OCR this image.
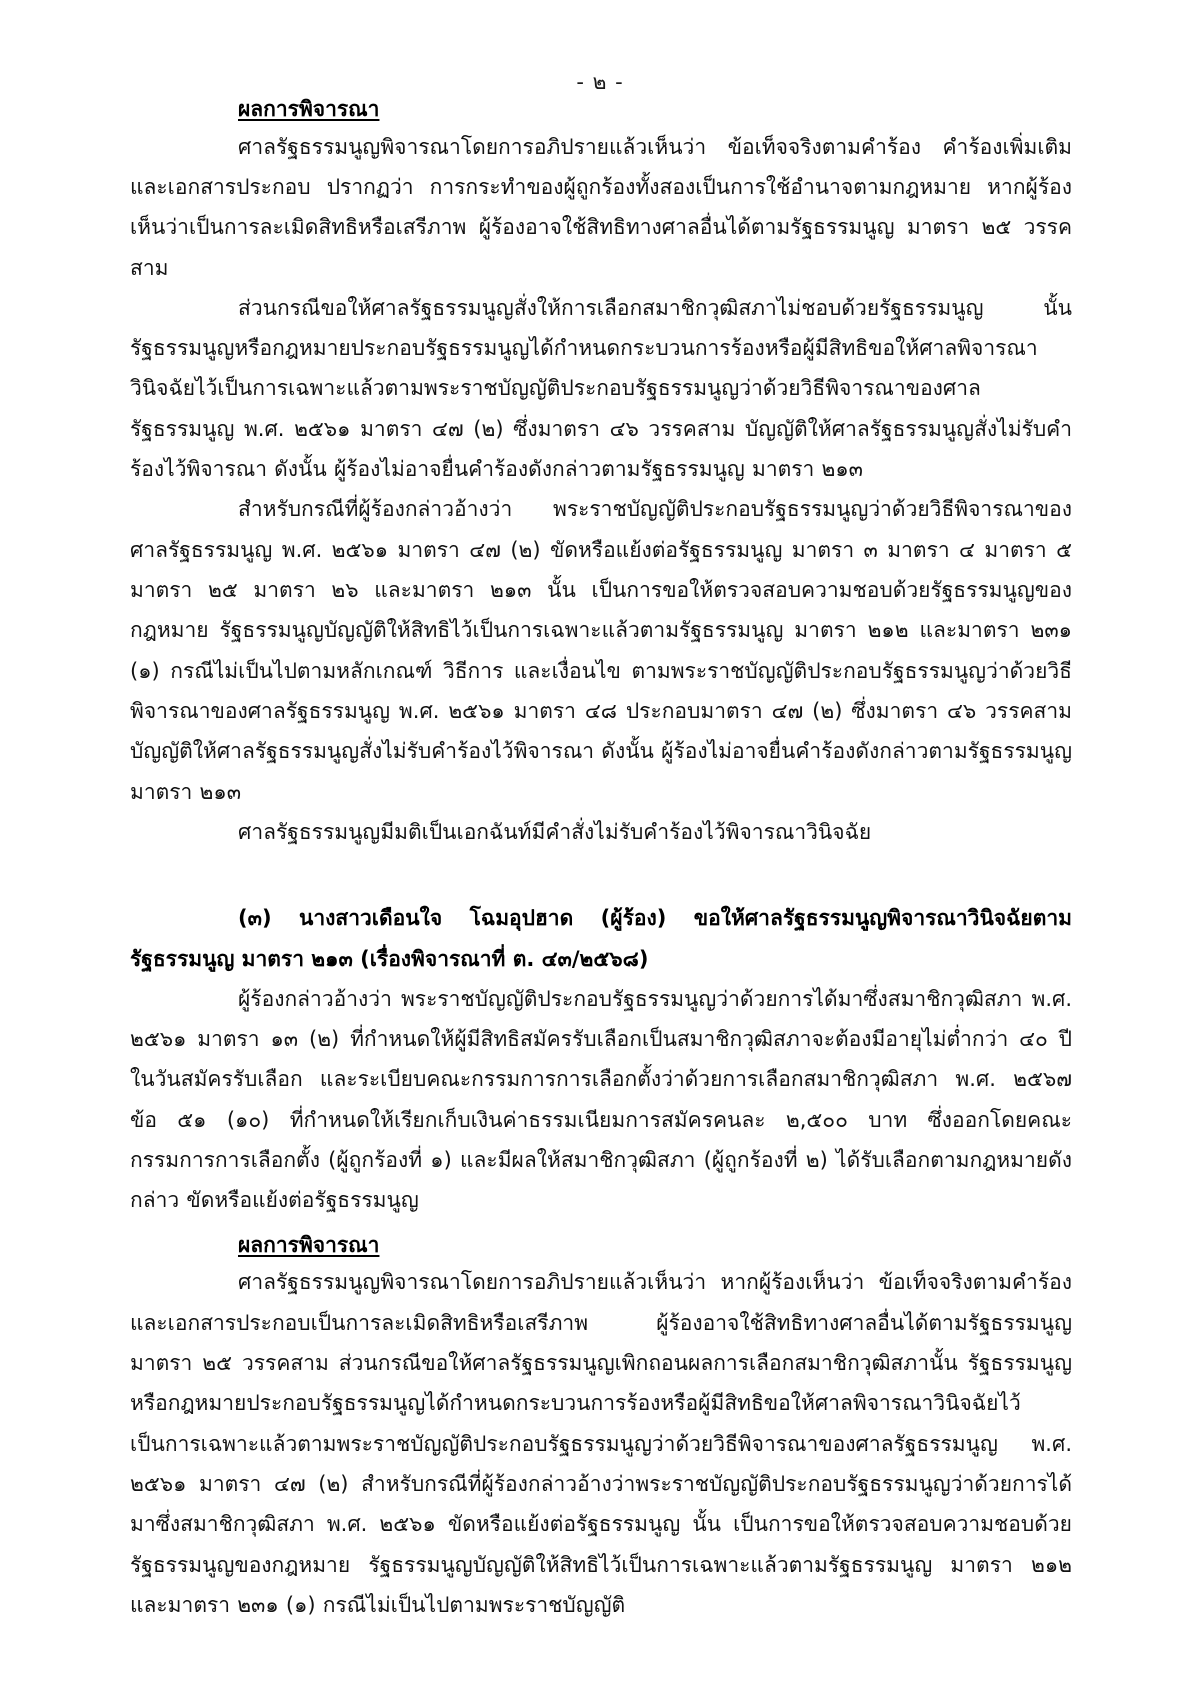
- ๒ -
ผลการพิจารณา

ศาลรัฐธรรมนูญพิจารณาโดยการอภิปรายแล้วเห็นว่า ข้อเท็จจริงตามคำร้อง คำร้องเพิ่มเติมและเอกสารประกอบ ปรากฏว่า การกระทำของผู้ถูกร้องทั้งสองเป็นการใช้อำนาจตามกฎหมาย หากผู้ร้องเห็นว่าเป็นการละเมิดสิทธิหรือเสรีภาพ ผู้ร้องอาจใช้สิทธิทางศาลอื่นได้ตามรัฐธรรมนูญ มาตรา ๒๕ วรรคสาม

ส่วนกรณีขอให้ศาลรัฐธรรมนูญสั่งให้การเลือกสมาชิกวุฒิสภาไม่ชอบด้วยรัฐธรรมนูญ นั้น รัฐธรรมนูญหรือกฎหมายประกอบรัฐธรรมนูญได้กำหนดกระบวนการร้องหรือผู้มีสิทธิขอให้ศาลพิจารณาวินิจฉัยไว้เป็นการเฉพาะแล้วตามพระราชบัญญัติประกอบรัฐธรรมนูญว่าด้วยวิธีพิจารณาของศาลรัฐธรรมนูญ พ.ศ. ๒๕๖๑ มาตรา ๔๗ (๒) ซึ่งมาตรา ๔๖ วรรคสาม บัญญัติให้ศาลรัฐธรรมนูญสั่งไม่รับคำร้องไว้พิจารณา ดังนั้น ผู้ร้องไม่อาจยื่นคำร้องดังกล่าวตามรัฐธรรมนูญ มาตรา ๒๑๓

สำหรับกรณีที่ผู้ร้องกล่าวอ้างว่า พระราชบัญญัติประกอบรัฐธรรมนูญว่าด้วยวิธีพิจารณาของศาลรัฐธรรมนูญ พ.ศ. ๒๕๖๑ มาตรา ๔๗ (๒) ขัดหรือแย้งต่อรัฐธรรมนูญ มาตรา ๓ มาตรา ๔ มาตรา ๕ มาตรา ๒๕ มาตรา ๒๖ และมาตรา ๒๑๓ นั้น เป็นการขอให้ตรวจสอบความชอบด้วยรัฐธรรมนูญของกฎหมาย รัฐธรรมนูญบัญญัติให้สิทธิไว้เป็นการเฉพาะแล้วตามรัฐธรรมนูญ มาตรา ๒๑๒ และมาตรา ๒๓๑ (๑) กรณีไม่เป็นไปตามหลักเกณฑ์ วิธีการ และเงื่อนไข ตามพระราชบัญญัติประกอบรัฐธรรมนูญว่าด้วยวิธีพิจารณาของศาลรัฐธรรมนูญ พ.ศ. ๒๕๖๑ มาตรา ๔๘ ประกอบมาตรา ๔๗ (๒) ซึ่งมาตรา ๔๖ วรรคสาม บัญญัติให้ศาลรัฐธรรมนูญสั่งไม่รับคำร้องไว้พิจารณา ดังนั้น ผู้ร้องไม่อาจยื่นคำร้องดังกล่าวตามรัฐธรรมนูญ มาตรา ๒๑๓

ศาลรัฐธรรมนูญมีมติเป็นเอกฉันท์มีคำสั่งไม่รับคำร้องไว้พิจารณาวินิจฉัย

(๓) นางสาวเดือนใจ โฉมอุปฮาด (ผู้ร้อง) ขอให้ศาลรัฐธรรมนูญพิจารณาวินิจฉัยตามรัฐธรรมนูญ มาตรา ๒๑๓ (เรื่องพิจารณาที่ ต. ๔๓/๒๕๖๘)

ผู้ร้องกล่าวอ้างว่า พระราชบัญญัติประกอบรัฐธรรมนูญว่าด้วยการได้มาซึ่งสมาชิกวุฒิสภา พ.ศ. ๒๕๖๑ มาตรา ๑๓ (๒) ที่กำหนดให้ผู้มีสิทธิสมัครรับเลือกเป็นสมาชิกวุฒิสภาจะต้องมีอายุไม่ต่ำกว่า ๔๐ ปี ในวันสมัครรับเลือก และระเบียบคณะกรรมการการเลือกตั้งว่าด้วยการเลือกสมาชิกวุฒิสภา พ.ศ. ๒๕๖๗ ข้อ ๕๑ (๑๐) ที่กำหนดให้เรียกเก็บเงินค่าธรรมเนียมการสมัครคนละ ๒,๕๐๐ บาท ซึ่งออกโดยคณะกรรมการการเลือกตั้ง (ผู้ถูกร้องที่ ๑) และมีผลให้สมาชิกวุฒิสภา (ผู้ถูกร้องที่ ๒) ได้รับเลือกตามกฎหมายดังกล่าว ขัดหรือแย้งต่อรัฐธรรมนูญ

ผลการพิจารณา

ศาลรัฐธรรมนูญพิจารณาโดยการอภิปรายแล้วเห็นว่า หากผู้ร้องเห็นว่า ข้อเท็จจริงตามคำร้องและเอกสารประกอบเป็นการละเมิดสิทธิหรือเสรีภาพ ผู้ร้องอาจใช้สิทธิทางศาลอื่นได้ตามรัฐธรรมนูญ มาตรา ๒๕ วรรคสาม ส่วนกรณีขอให้ศาลรัฐธรรมนูญเพิกถอนผลการเลือกสมาชิกวุฒิสภานั้น รัฐธรรมนูญหรือกฎหมายประกอบรัฐธรรมนูญได้กำหนดกระบวนการร้องหรือผู้มีสิทธิขอให้ศาลพิจารณาวินิจฉัยไว้เป็นการเฉพาะแล้วตามพระราชบัญญัติประกอบรัฐธรรมนูญว่าด้วยวิธีพิจารณาของศาลรัฐธรรมนูญ พ.ศ. ๒๕๖๑ มาตรา ๔๗ (๒) สำหรับกรณีที่ผู้ร้องกล่าวอ้างว่าพระราชบัญญัติประกอบรัฐธรรมนูญว่าด้วยการได้มาซึ่งสมาชิกวุฒิสภา พ.ศ. ๒๕๖๑ ขัดหรือแย้งต่อรัฐธรรมนูญ นั้น เป็นการขอให้ตรวจสอบความชอบด้วยรัฐธรรมนูญของกฎหมาย รัฐธรรมนูญบัญญัติให้สิทธิไว้เป็นการเฉพาะแล้วตามรัฐธรรมนูญ มาตรา ๒๑๒ และมาตรา ๒๓๑ (๑) กรณีไม่เป็นไปตามพระราชบัญญัติ
